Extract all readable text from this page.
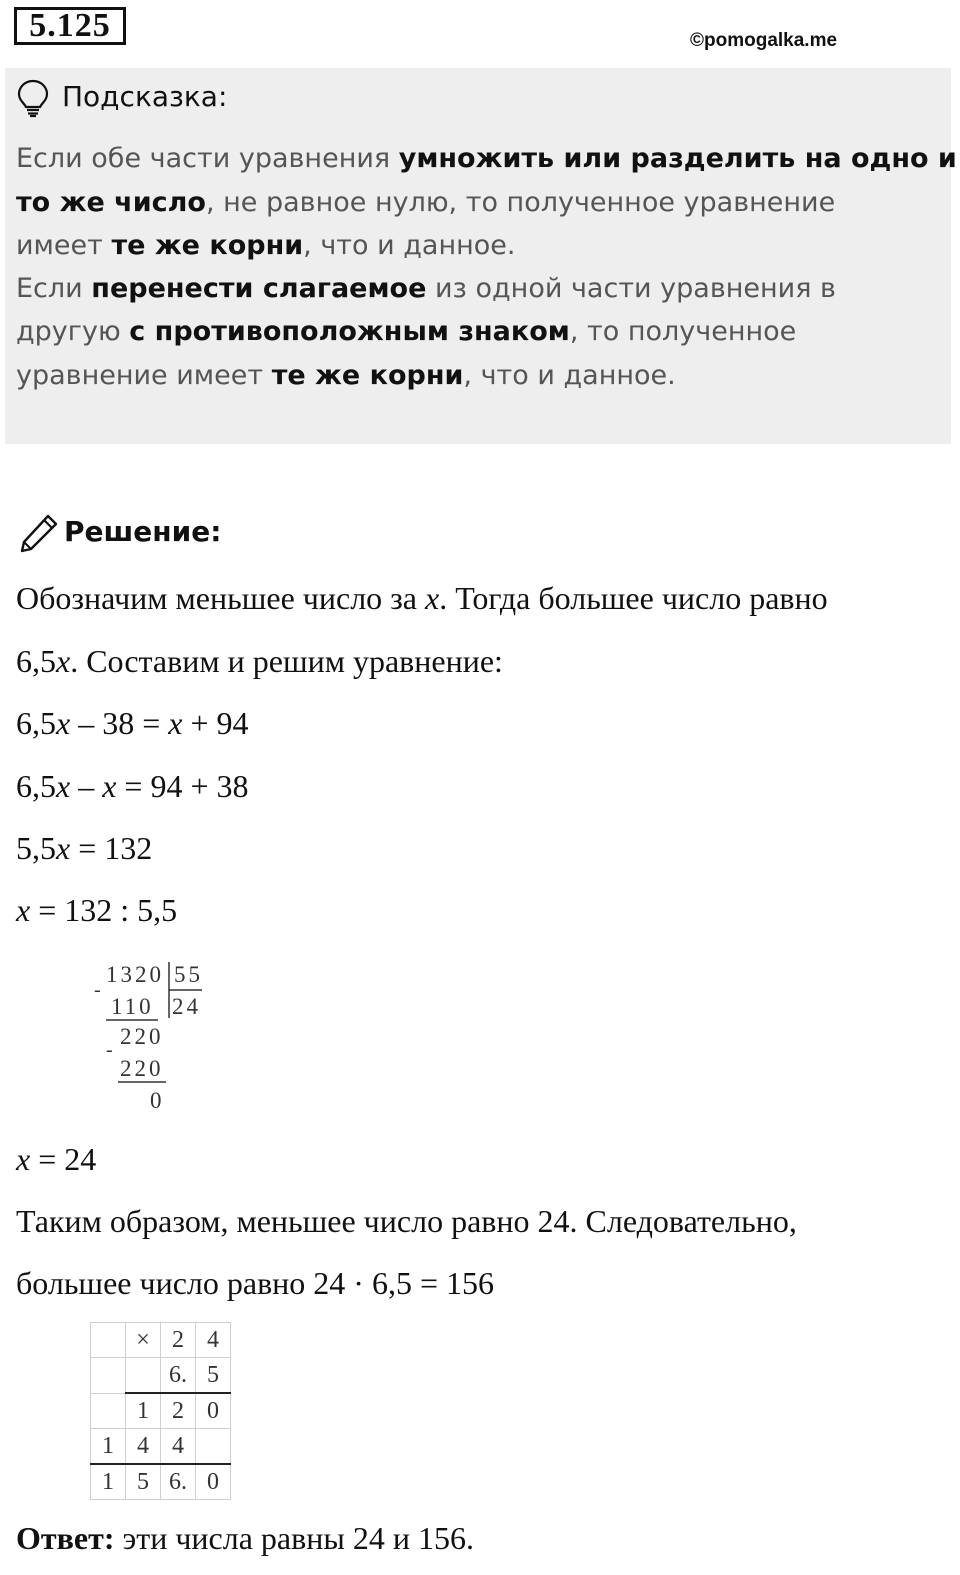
5.125	©pomogalka.me
Подсказка:
Если обе части уравнения умножить или разделить на одно и
то же число, не равное нулю, то полученное уравнение
имеет те же корни, что и данное.
Если перенести слагаемое из одной части уравнения в
другую с противоположным знаком, то полученное
уравнение имеет те же корни, что и данное.
Решение:
Обозначим меньшее число за x. Тогда большее число равно
6,5x. Составим и решим уравнение:
6,5x – 38 = x + 94
6,5x – x = 94 + 38
5,5x = 132
x = 132 : 5,5
x = 24
Таким образом, меньшее число равно 24. Следовательно,
большее число равно 24 · 6,5 = 156
1320 55
-
110 24
220
-
220
0
	×	2	4
		6.	5
	1	2	0
1	4	4	
1	5	6.	0
Ответ: эти числа равны 24 и 156.
